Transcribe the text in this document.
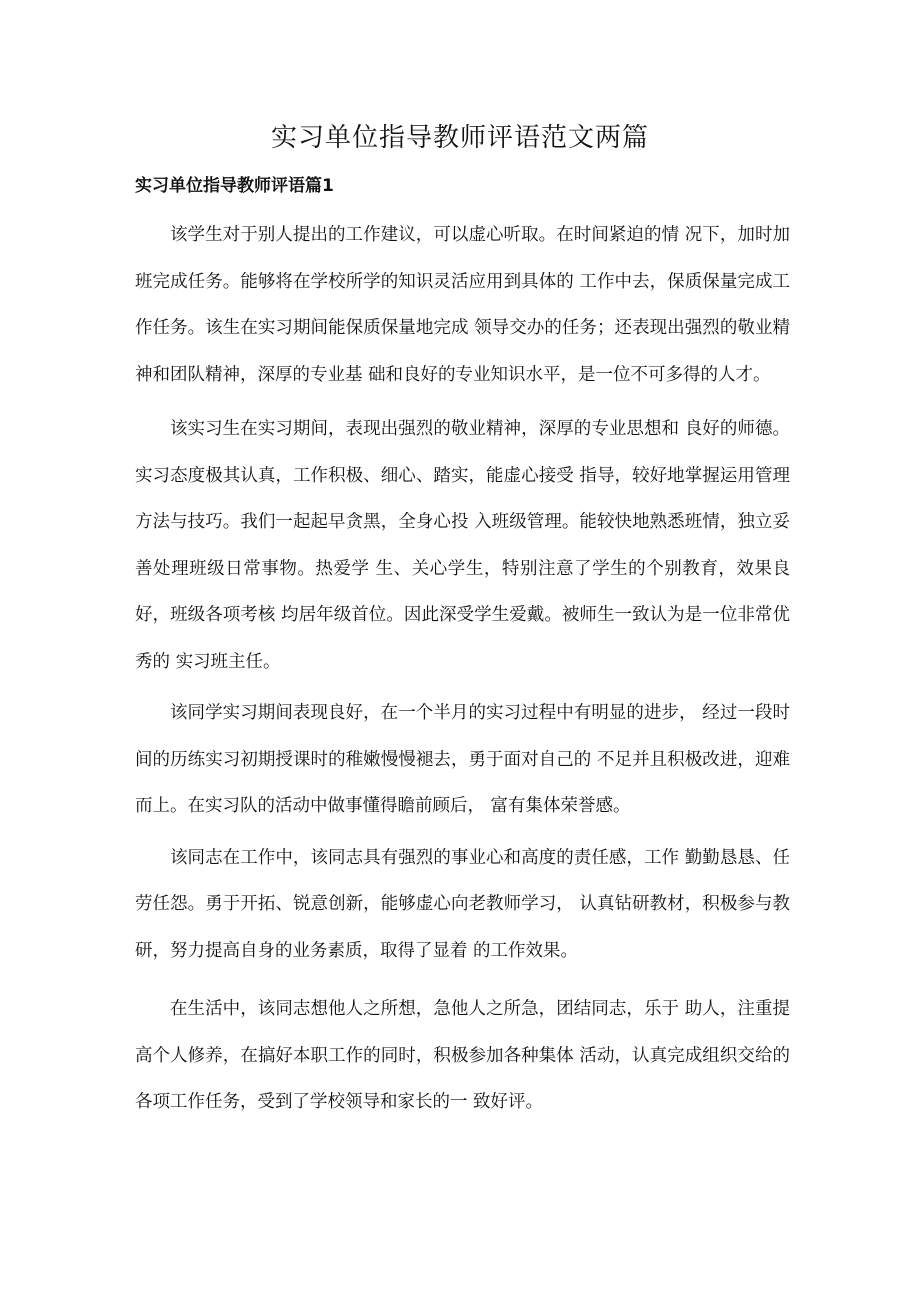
实习单位指导教师评语范文两篇
实习单位指导教师评语篇1

该学生对于别人提出的工作建议，可以虚心听取。在时间紧迫的情 况下，加时加班完成任务。能够将在学校所学的知识灵活应用到具体的 工作中去，保质保量完成工作任务。该生在实习期间能保质保量地完成 领导交办的任务；还表现出强烈的敬业精神和团队精神，深厚的专业基 础和良好的专业知识水平，是一位不可多得的人才。

该实习生在实习期间，表现出强烈的敬业精神，深厚的专业思想和 良好的师德。实习态度极其认真，工作积极、细心、踏实，能虚心接受 指导，较好地掌握运用管理方法与技巧。我们一起起早贪黑，全身心投 入班级管理。能较快地熟悉班情，独立妥善处理班级日常事物。热爱学 生、关心学生，特别注意了学生的个别教育，效果良好，班级各项考核 均居年级首位。因此深受学生爱戴。被师生一致认为是一位非常优秀的 实习班主任。

该同学实习期间表现良好，在一个半月的实习过程中有明显的进步， 经过一段时间的历练实习初期授课时的稚嫩慢慢褪去，勇于面对自己的 不足并且积极改进，迎难而上。在实习队的活动中做事懂得瞻前顾后， 富有集体荣誉感。

该同志在工作中，该同志具有强烈的事业心和高度的责任感，工作 勤勤恳恳、任劳任怨。勇于开拓、锐意创新，能够虚心向老教师学习， 认真钻研教材，积极参与教研，努力提高自身的业务素质，取得了显着 的工作效果。

在生活中，该同志想他人之所想，急他人之所急，团结同志，乐于 助人，注重提高个人修养，在搞好本职工作的同时，积极参加各种集体 活动，认真完成组织交给的各项工作任务，受到了学校领导和家长的一 致好评。
